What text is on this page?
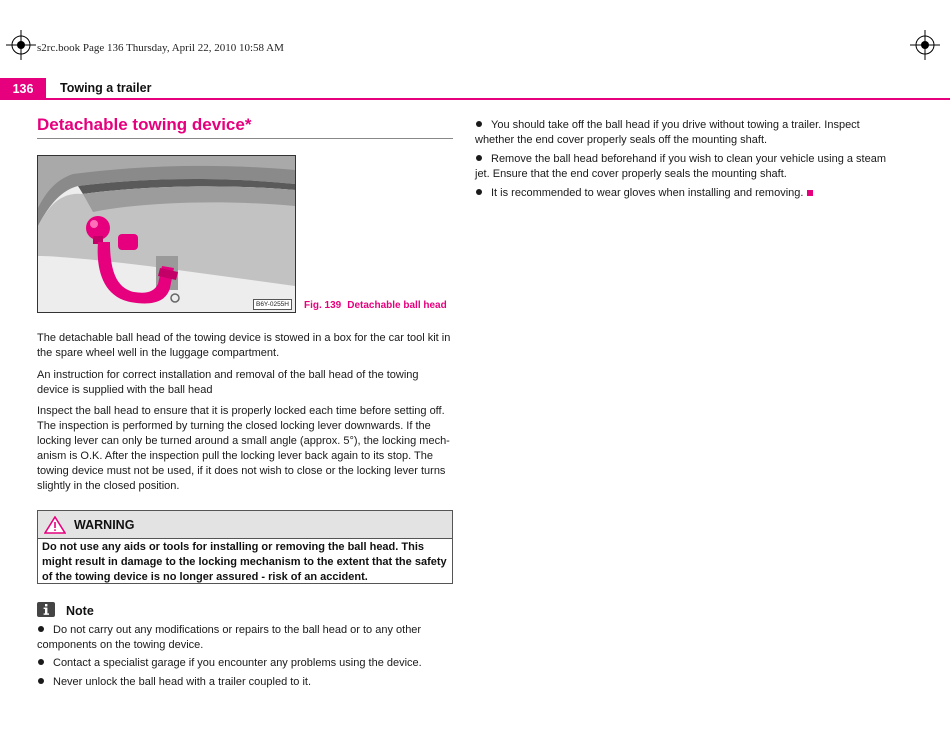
s2rc.book Page 136 Thursday, April 22, 2010 10:58 AM
136	Towing a trailer
Detachable towing device*
B6Y-0255H	Fig. 139 Detachable ball head
The detachable ball head of the towing device is stowed in a box for the car tool kit in the spare wheel well in the luggage compartment.
An instruction for correct installation and removal of the ball head of the towing device is supplied with the ball head
Inspect the ball head to ensure that it is properly locked each time before setting off. The inspection is performed by turning the closed locking lever downwards. If the locking lever can only be turned around a small angle (approx. 5°), the locking mech-anism is O.K. After the inspection pull the locking lever back again to its stop. The towing device must not be used, if it does not wish to close or the locking lever turns slightly in the closed position.
WARNING
Do not use any aids or tools for installing or removing the ball head. This might result in damage to the locking mechanism to the extent that the safety of the towing device is no longer assured - risk of an accident.
Note
Do not carry out any modifications or repairs to the ball head or to any other components on the towing device.
Contact a specialist garage if you encounter any problems using the device.
Never unlock the ball head with a trailer coupled to it.
You should take off the ball head if you drive without towing a trailer. Inspect whether the end cover properly seals off the mounting shaft.
Remove the ball head beforehand if you wish to clean your vehicle using a steam jet. Ensure that the end cover properly seals the mounting shaft.
It is recommended to wear gloves when installing and removing.
